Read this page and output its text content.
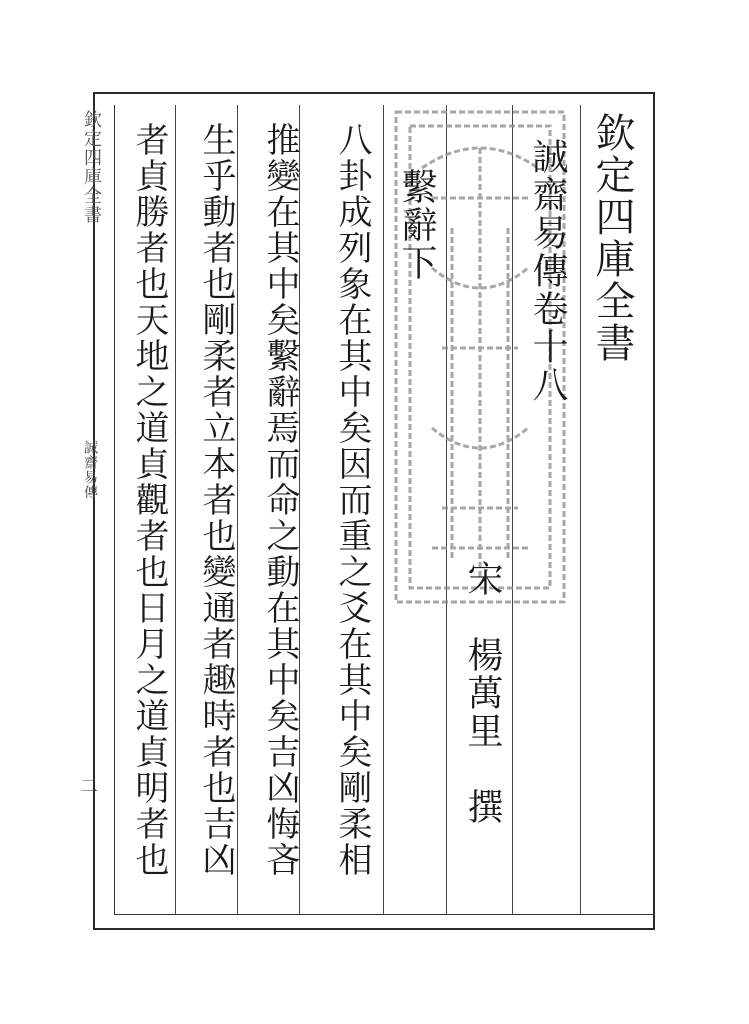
欽定四庫全書
誠齋易傳
二
欽定四庫全書
誠齋易傳卷十八
繫辭下
宋
楊萬里　撰
八卦成列象在其中矣因而重之爻在其中矣剛柔相
推變在其中矣繫辭焉而命之動在其中矣吉凶悔吝
生乎動者也剛柔者立本者也變通者趣時者也吉凶
者貞勝者也天地之道貞觀者也日月之道貞明者也
